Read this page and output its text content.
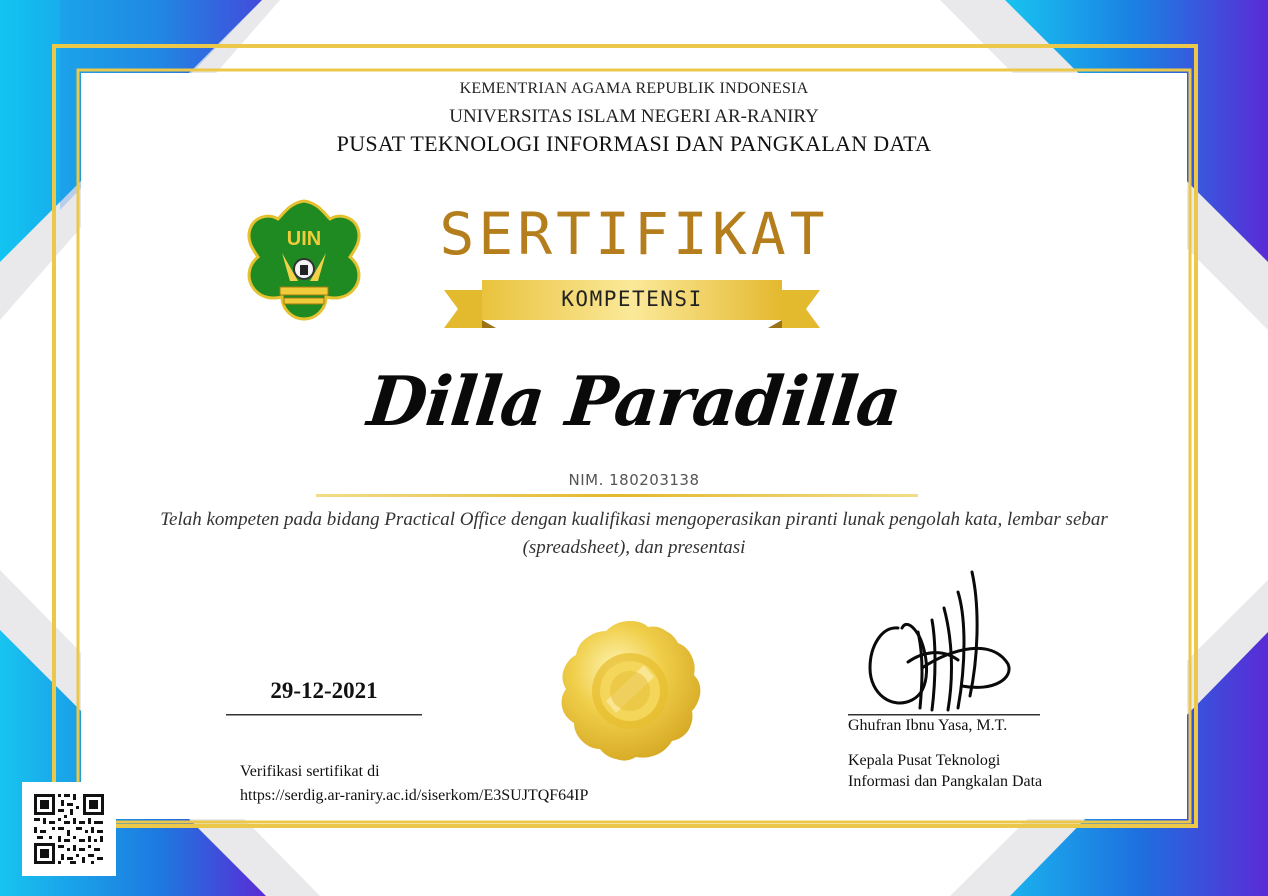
UIN
KEMENTRIAN AGAMA REPUBLIK INDONESIA
UNIVERSITAS ISLAM NEGERI AR-RANIRY
PUSAT TEKNOLOGI INFORMASI DAN PANGKALAN DATA
SERTIFIKAT
KOMPETENSI
Dilla Paradilla
NIM. 180203138
Telah kompeten pada bidang Practical Office dengan kualifikasi mengoperasikan piranti lunak pengolah kata, lembar sebar
(spreadsheet), dan presentasi
29-12-2021
Ghufran Ibnu Yasa, M.T.
Kepala Pusat Teknologi
Informasi dan Pangkalan Data
Verifikasi sertifikat di
https://serdig.ar-raniry.ac.id/siserkom/E3SUJTQF64IP
